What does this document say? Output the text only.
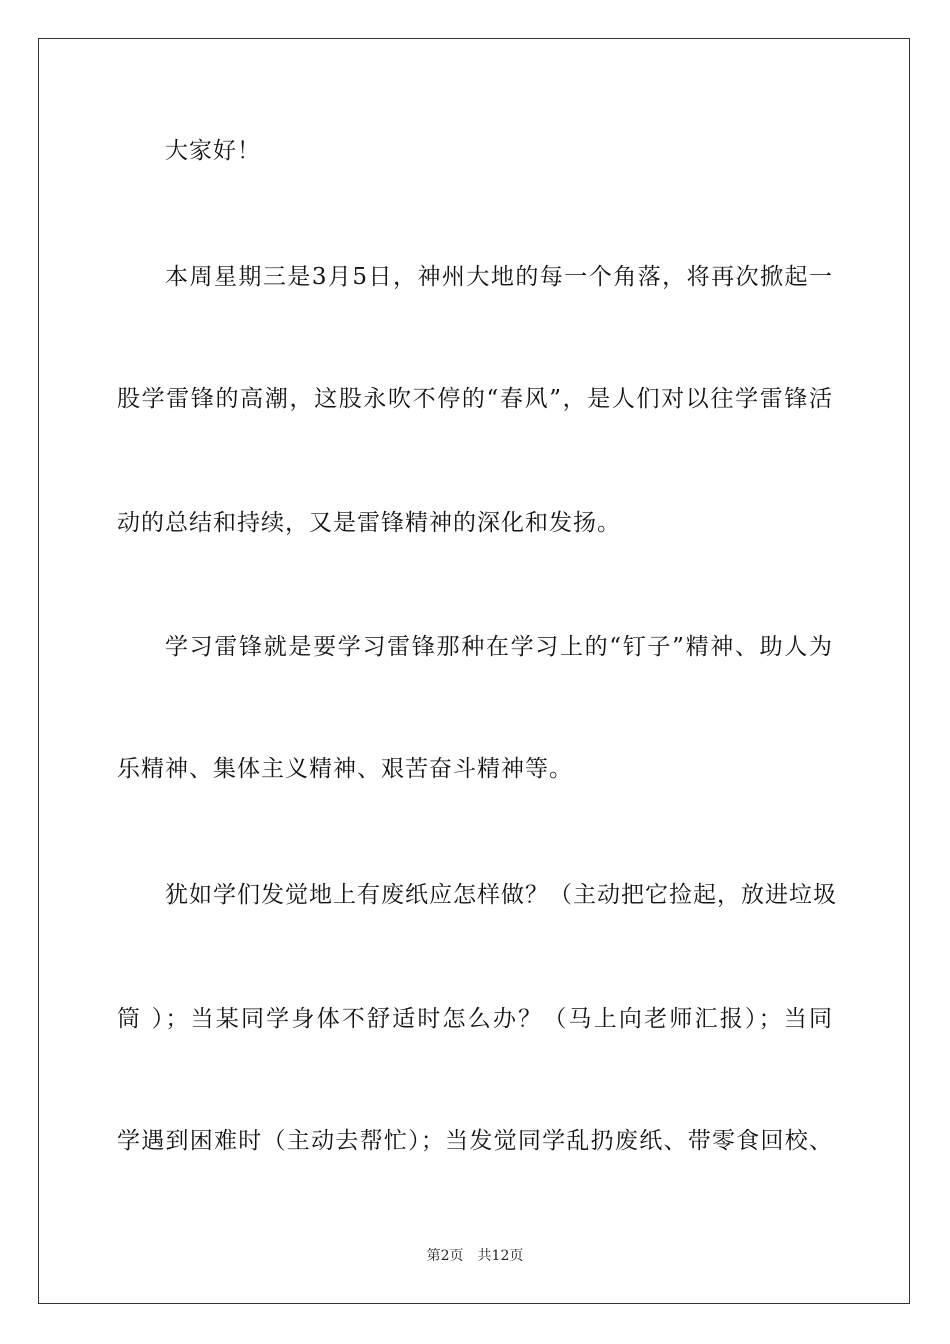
大家好！
本周星期三是3月5日，神州大地的每一个角落，将再次掀起一
股学雷锋的高潮，这股永吹不停的“春风”，是人们对以往学雷锋活
动的总结和持续，又是雷锋精神的深化和发扬。
学习雷锋就是要学习雷锋那种在学习上的“钉子”精神、助人为
乐精神、集体主义精神、艰苦奋斗精神等。
犹如学们发觉地上有废纸应怎样做？（主动把它捡起，放进垃圾
筒 ）；当某同学身体不舒适时怎么办？（马上向老师汇报）；当同
学遇到困难时（主动去帮忙）；当发觉同学乱扔废纸、带零食回校、
第2页 共12页
